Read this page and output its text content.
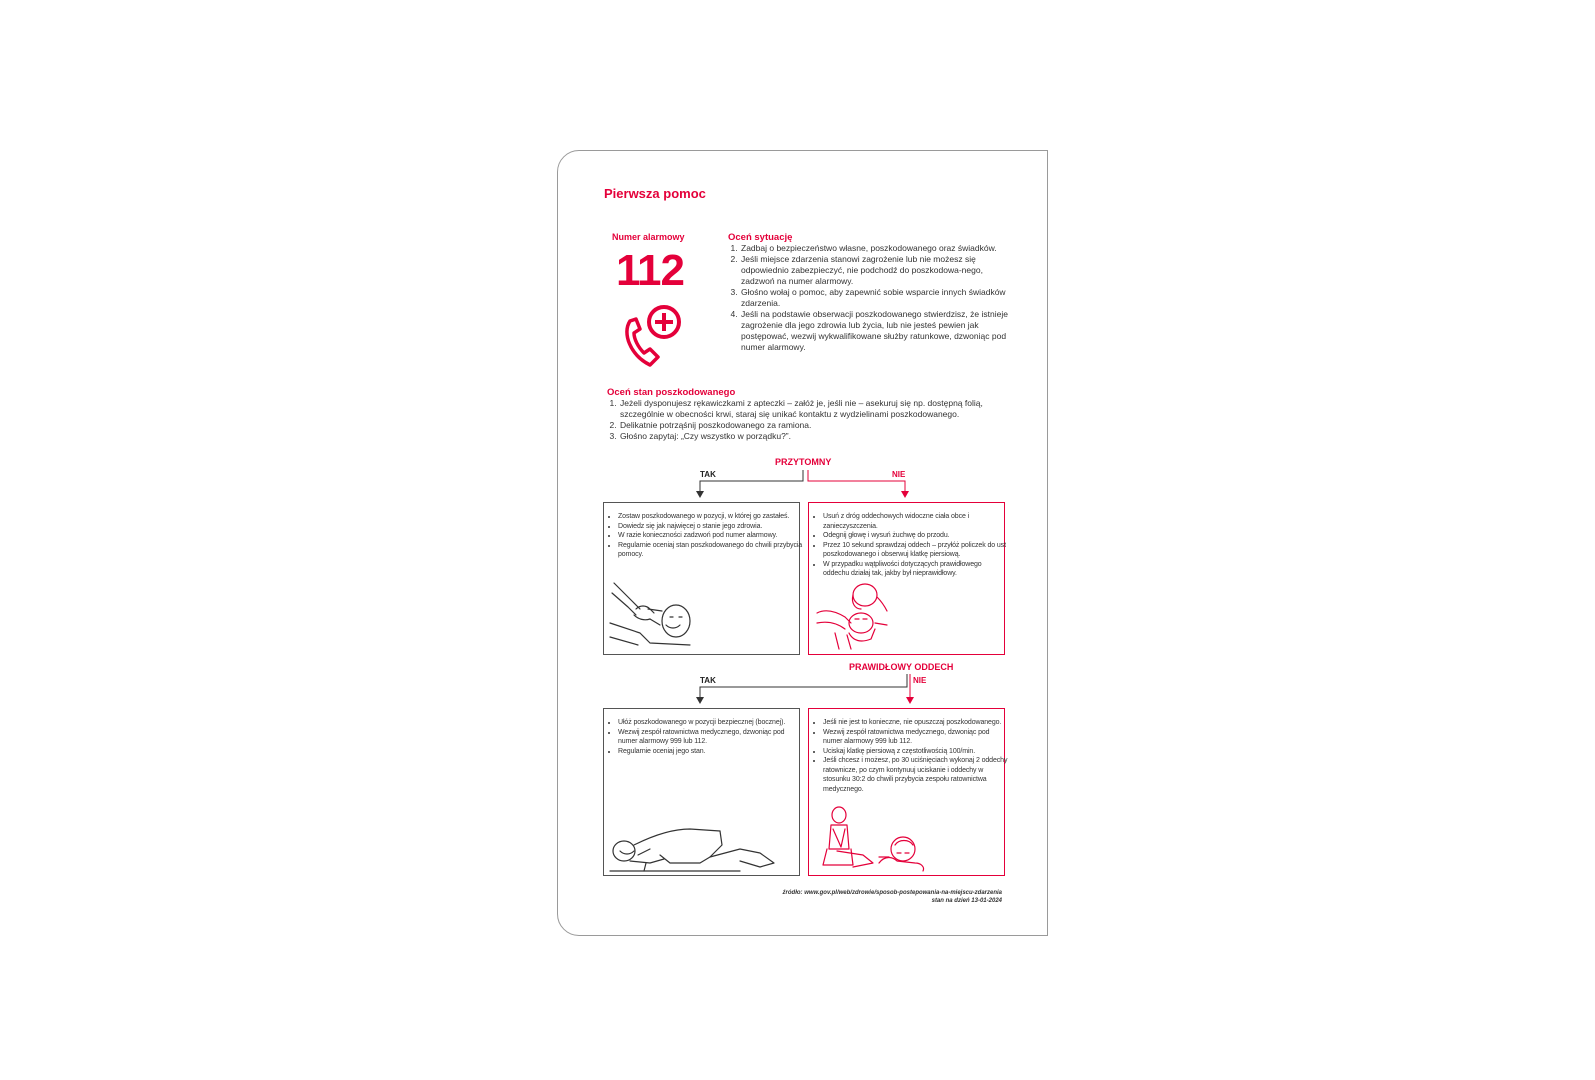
Pierwsza pomoc
Numer alarmowy
112
Oceń sytuację
1. Zadbaj o bezpieczeństwo własne, poszkodowanego oraz świadków.
2. Jeśli miejsce zdarzenia stanowi zagrożenie lub nie możesz się odpowiednio zabezpieczyć, nie podchodź do poszkodowa-nego, zadzwoń na numer alarmowy.
3. Głośno wołaj o pomoc, aby zapewnić sobie wsparcie innych świadków zdarzenia.
4. Jeśli na podstawie obserwacji poszkodowanego stwierdzisz, że istnieje zagrożenie dla jego zdrowia lub życia, lub nie jesteś pewien jak postępować, wezwij wykwalifikowane służby ratunkowe, dzwoniąc pod numer alarmowy.
Oceń stan poszkodowanego
1. Jeżeli dysponujesz rękawiczkami z apteczki – załóż je, jeśli nie – asekuruj się np. dostępną folią, szczególnie w obecności krwi, staraj się unikać kontaktu z wydzielinami poszkodowanego.
2. Delikatnie potrząśnij poszkodowanego za ramiona.
3. Głośno zapytaj: „Czy wszystko w porządku?”.
PRZYTOMNY
TAK	NIE
• Zostaw poszkodowanego w pozycji, w której go zastałeś.
• Dowiedz się jak najwięcej o stanie jego zdrowia.
• W razie konieczności zadzwoń pod numer alarmowy.
• Regularnie oceniaj stan poszkodowanego do chwili przybycia pomocy.
• Usuń z dróg oddechowych widoczne ciała obce i zanieczyszczenia.
• Odegnij głowę i wysuń żuchwę do przodu.
• Przez 10 sekund sprawdzaj oddech – przyłóż policzek do ust poszkodowanego i obserwuj klatkę piersiową.
• W przypadku wątpliwości dotyczących prawidłowego oddechu działaj tak, jakby był nieprawidłowy.
PRAWIDŁOWY ODDECH
TAK	NIE
• Ułóż poszkodowanego w pozycji bezpiecznej (bocznej).
• Wezwij zespół ratownictwa medycznego, dzwoniąc pod numer alarmowy 999 lub 112.
• Regularnie oceniaj jego stan.
• Jeśli nie jest to konieczne, nie opuszczaj poszkodowanego.
• Wezwij zespół ratownictwa medycznego, dzwoniąc pod numer alarmowy 999 lub 112.
• Uciskaj klatkę piersiową z częstotliwością 100/min.
• Jeśli chcesz i możesz, po 30 uciśnięciach wykonaj 2 oddechy ratownicze, po czym kontynuuj uciskanie i oddechy w stosunku 30:2 do chwili przybycia zespołu ratownictwa medycznego.
źródło: www.gov.pl/web/zdrowie/sposob-postepowania-na-miejscu-zdarzenia
stan na dzień 13-01-2024
